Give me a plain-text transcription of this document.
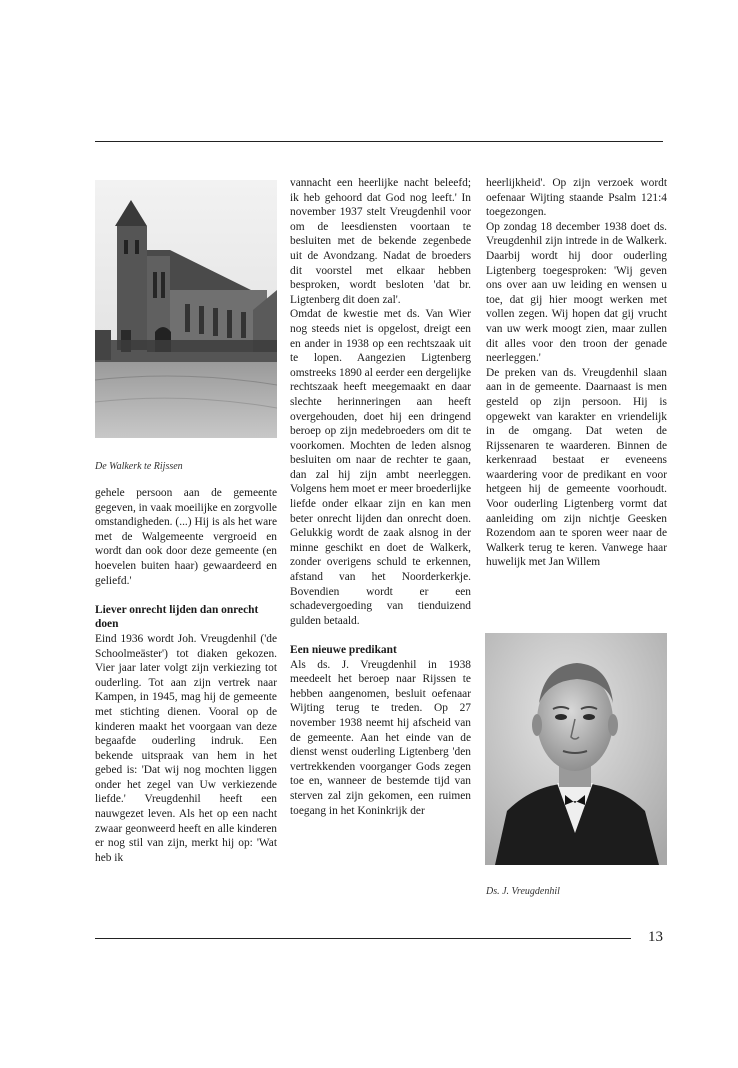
De Walkerk te Rijssen

gehele persoon aan de gemeente gegeven, in vaak moeilijke en zorgvolle omstandigheden. (...) Hij is als het ware met de Walgemeente vergroeid en wordt dan ook door deze gemeente (en hoevelen buiten haar) gewaardeerd en geliefd.'

Liever onrecht lijden dan onrecht doen

Eind 1936 wordt Joh. Vreugdenhil ('de Schoolmeäster') tot diaken gekozen. Vier jaar later volgt zijn verkiezing tot ouderling. Tot aan zijn vertrek naar Kampen, in 1945, mag hij de gemeente met stichting dienen. Vooral op de kinderen maakt het voorgaan van deze begaafde ouderling indruk. Een bekende uitspraak van hem in het gebed is: 'Dat wij nog mochten liggen onder het zegel van Uw verkiezende liefde.' Vreugdenhil heeft een nauwgezet leven. Als het op een nacht zwaar geonweerd heeft en alle kinderen er nog stil van zijn, merkt hij op: 'Wat heb ik

vannacht een heerlijke nacht beleefd; ik heb gehoord dat God nog leeft.' In november 1937 stelt Vreugdenhil voor om de leesdiensten voortaan te besluiten met de bekende zegenbede uit de Avondzang. Nadat de broeders dit voorstel met elkaar hebben besproken, wordt besloten 'dat br. Ligtenberg dit doen zal'.

Omdat de kwestie met ds. Van Wier nog steeds niet is opgelost, dreigt een en ander in 1938 op een rechtszaak uit te lopen. Aangezien Ligtenberg omstreeks 1890 al eerder een dergelijke rechtszaak heeft meegemaakt en daar slechte herinneringen aan heeft overgehouden, doet hij een dringend beroep op zijn medebroeders om dit te voorkomen. Mochten de leden alsnog besluiten om naar de rechter te gaan, dan zal hij zijn ambt neerleggen. Volgens hem moet er meer broederlijke liefde onder elkaar zijn en kan men beter onrecht lijden dan onrecht doen. Gelukkig wordt de zaak alsnog in der minne geschikt en doet de Walkerk, zonder overigens schuld te erkennen, afstand van het Noorderkerkje. Bovendien wordt er een schadevergoeding van tienduizend gulden betaald.

Een nieuwe predikant

Als ds. J. Vreugdenhil in 1938 meedeelt het beroep naar Rijssen te hebben aangenomen, besluit oefenaar Wijting terug te treden. Op 27 november 1938 neemt hij afscheid van de gemeente. Aan het einde van de dienst wenst ouderling Ligtenberg 'den vertrekkenden voorganger Gods zegen toe en, wanneer de bestemde tijd van sterven zal zijn gekomen, een ruimen toegang in het Koninkrijk der

heerlijkheid'. Op zijn verzoek wordt oefenaar Wijting staande Psalm 121:4 toegezongen.

Op zondag 18 december 1938 doet ds. Vreugdenhil zijn intrede in de Walkerk. Daarbij wordt hij door ouderling Ligtenberg toegesproken: 'Wij geven ons over aan uw leiding en wensen u toe, dat gij hier moogt werken met vollen zegen. Wij hopen dat gij vrucht van uw werk moogt zien, maar zullen dit alles voor den troon der genade neerleggen.'

De preken van ds. Vreugdenhil slaan aan in de gemeente. Daarnaast is men gesteld op zijn persoon. Hij is opgewekt van karakter en vriendelijk in de omgang. Dat weten de Rijssenaren te waarderen. Binnen de kerkenraad bestaat er eveneens waardering voor de predikant en voor hetgeen hij de gemeente voorhoudt. Voor ouderling Ligtenberg vormt dat aanleiding om zijn nichtje Geesken Rozendom aan te sporen weer naar de Walkerk terug te keren. Vanwege haar huwelijk met Jan Willem

Ds. J. Vreugdenhil
13
